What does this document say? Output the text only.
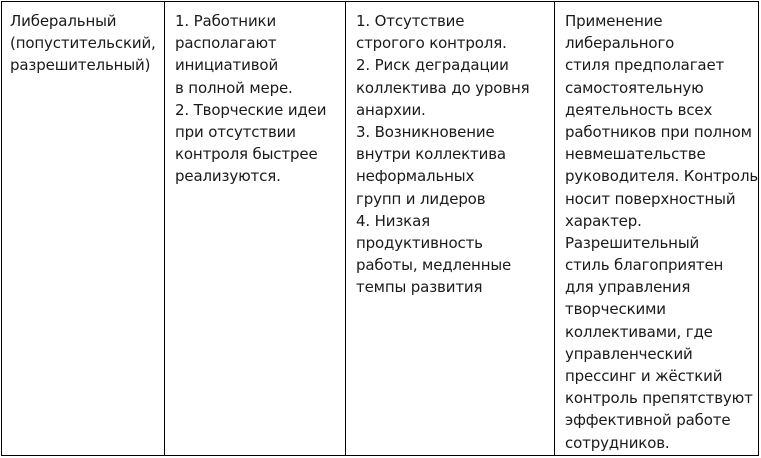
Либеральный
(попустительский,
разрешительный)
1. Работники
располагают
инициативой
в полной мере.
2. Творческие идеи
при отсутствии
контроля быстрее
реализуются.
1. Отсутствие
строгого контроля.
2. Риск деградации
коллектива до уровня
анархии.
3. Возникновение
внутри коллектива
неформальных
групп и лидеров
4. Низкая
продуктивность
работы, медленные
темпы развития
Применение
либерального
стиля предполагает
самостоятельную
деятельность всех
работников при полном
невмешательстве
руководителя. Контроль
носит поверхностный
характер.
Разрешительный
стиль благоприятен
для управления
творческими
коллективами, где
управленческий
прессинг и жёсткий
контроль препятствуют
эффективной работе
сотрудников.
